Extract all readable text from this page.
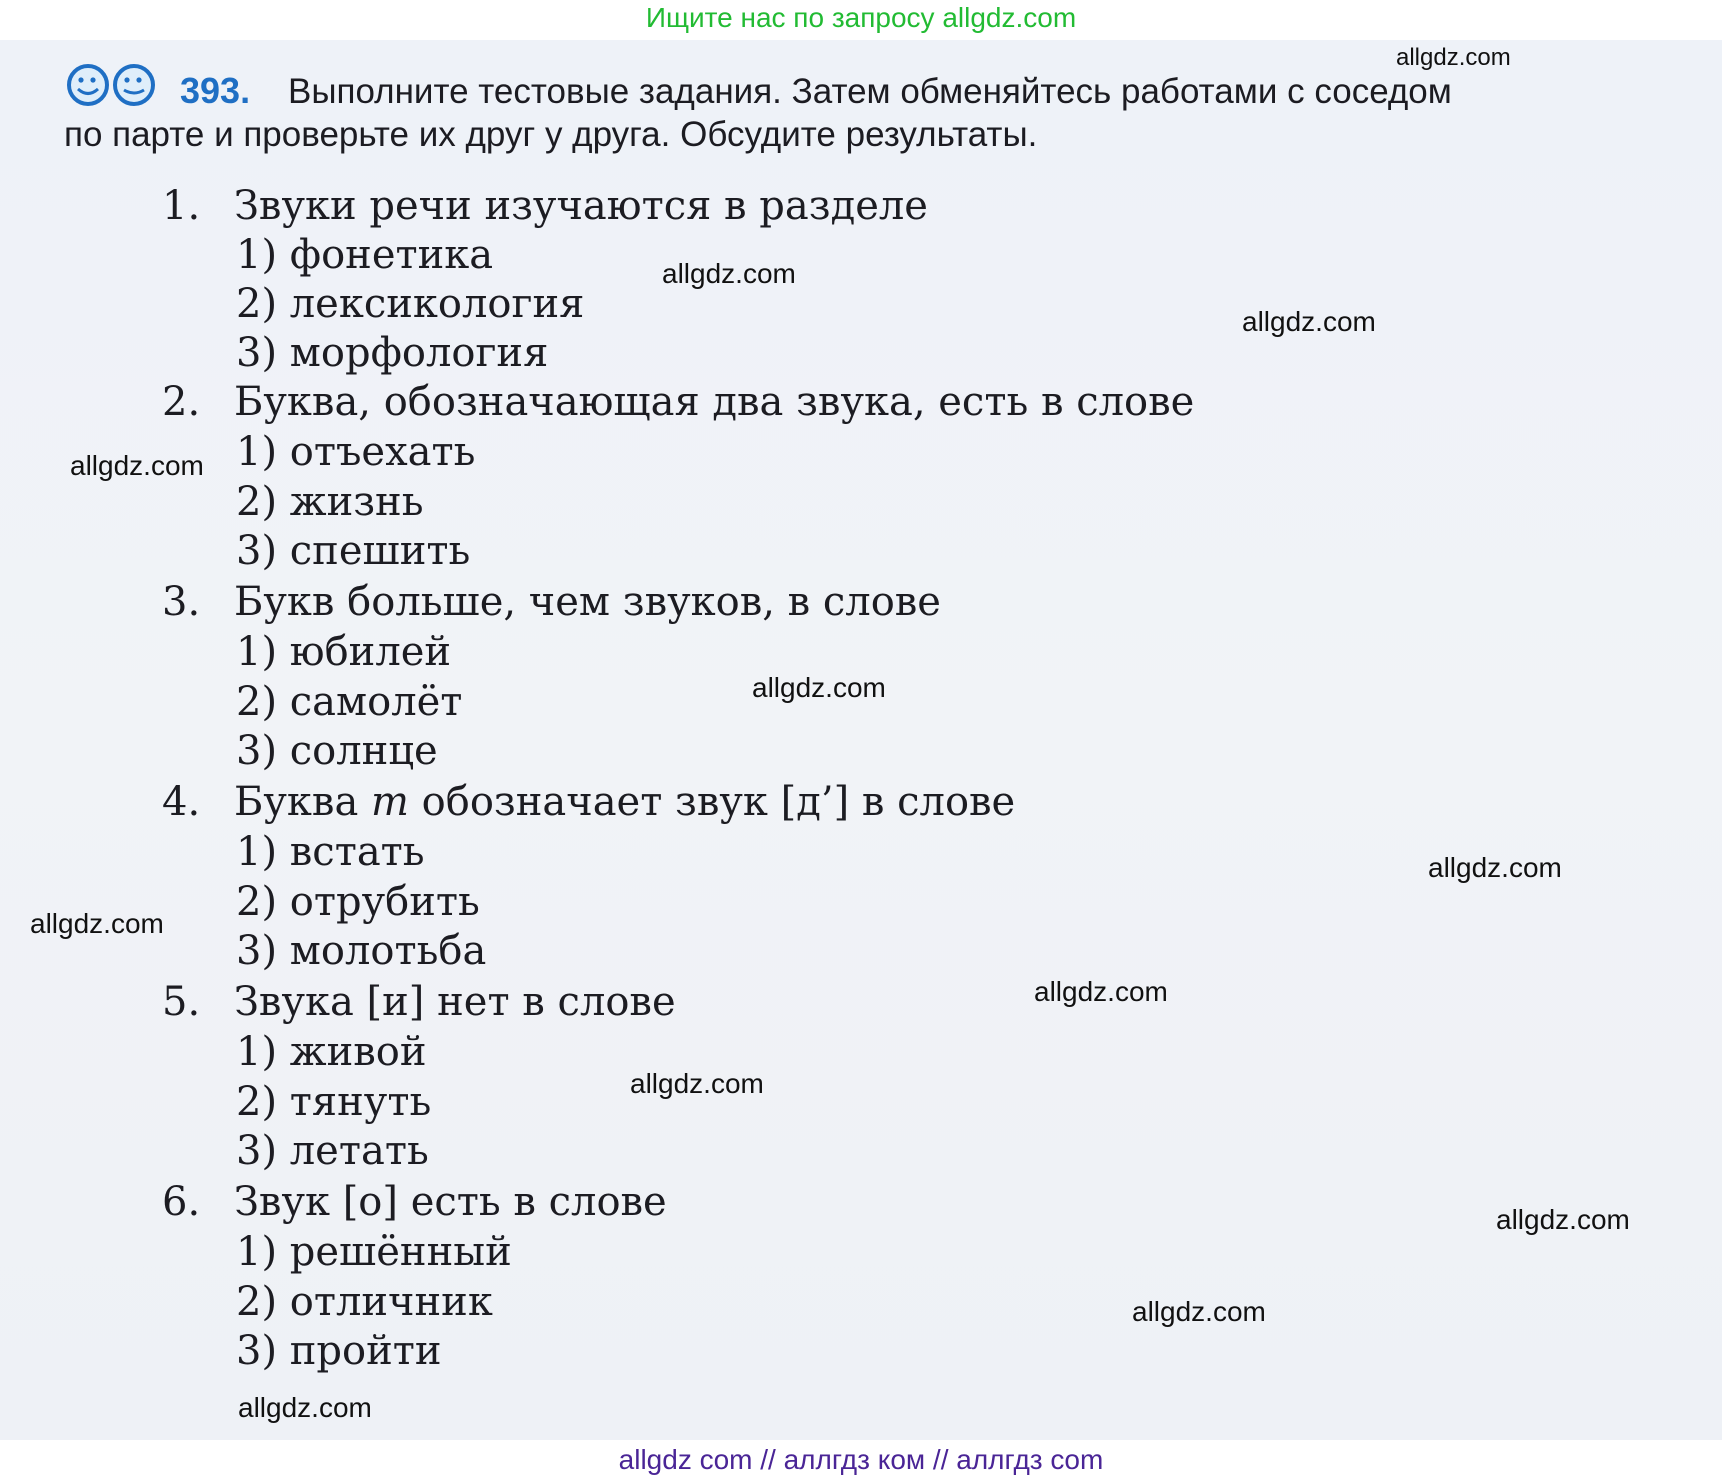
Ищите нас по запросу allgdz.com
393. Выполните тестовые задания. Затем обменяйтесь работами с соседом
по парте и проверьте их друг у друга. Обсудите результаты.
1. Звуки речи изучаются в разделе
1) фонетика
2) лексикология
3) морфология
2. Буква, обозначающая два звука, есть в слове
1) отъехать
2) жизнь
3) спешить
3. Букв больше, чем звуков, в слове
1) юбилей
2) самолёт
3) солнце
4. Буква т обозначает звук [д’] в слове
1) встать
2) отрубить
3) молотьба
5. Звука [и] нет в слове
1) живой
2) тянуть
3) летать
6. Звук [о] есть в слове
1) решённый
2) отличник
3) пройти
allgdz.com
allgdz.com
allgdz.com
allgdz.com
allgdz.com
allgdz.com
allgdz.com
allgdz.com
allgdz.com
allgdz.com
allgdz.com
allgdz.com
allgdz com // аллгдз ком // аллгдз com
